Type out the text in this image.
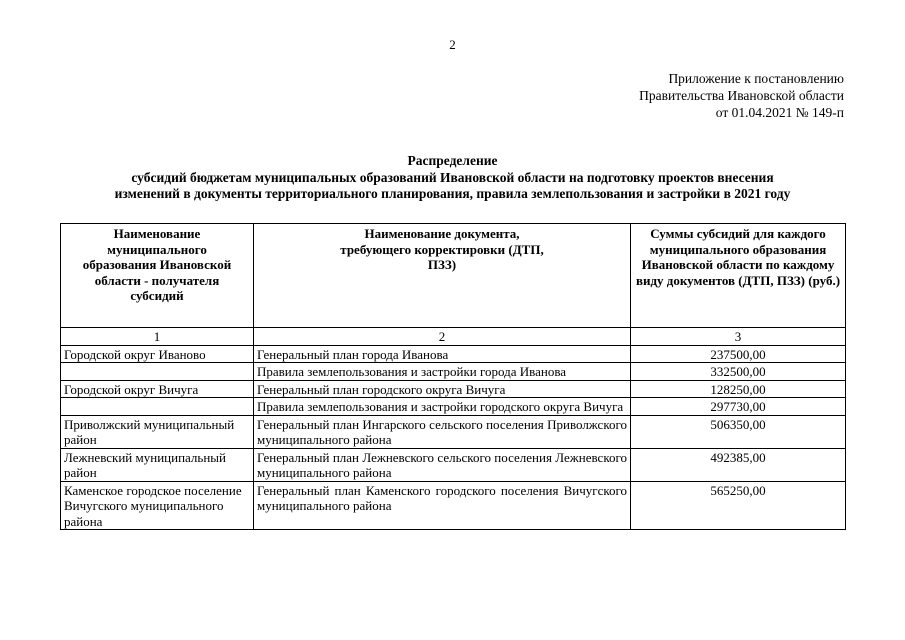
2
Приложение к постановлению
Правительства Ивановской области
от 01.04.2021 № 149-п
Распределение
субсидий бюджетам муниципальных образований Ивановской области на подготовку проектов внесения
изменений в документы территориального планирования, правила землепользования и застройки в 2021 году
Наименование муниципального образования Ивановской области - получателя субсидий	Наименование документа, требующего корректировки (ДТП, ПЗЗ)	Суммы субсидий для каждого муниципального образования Ивановской области по каждому виду документов (ДТП, ПЗЗ) (руб.)
1	2	3
Городской округ Иваново	Генеральный план города Иванова	237500,00
	Правила землепользования и застройки города Иванова	332500,00
Городской округ Вичуга	Генеральный план городского округа Вичуга	128250,00
	Правила землепользования и застройки городского округа Вичуга	297730,00
Приволжский муниципальный район	Генеральный план Ингарского сельского поселения Приволжского муниципального района	506350,00
Лежневский муниципальный район	Генеральный план Лежневского сельского поселения Лежневского муниципального района	492385,00
Каменское городское поселение Вичугского муниципального района	Генеральный план Каменского городского поселения Вичугского муниципального района	565250,00
